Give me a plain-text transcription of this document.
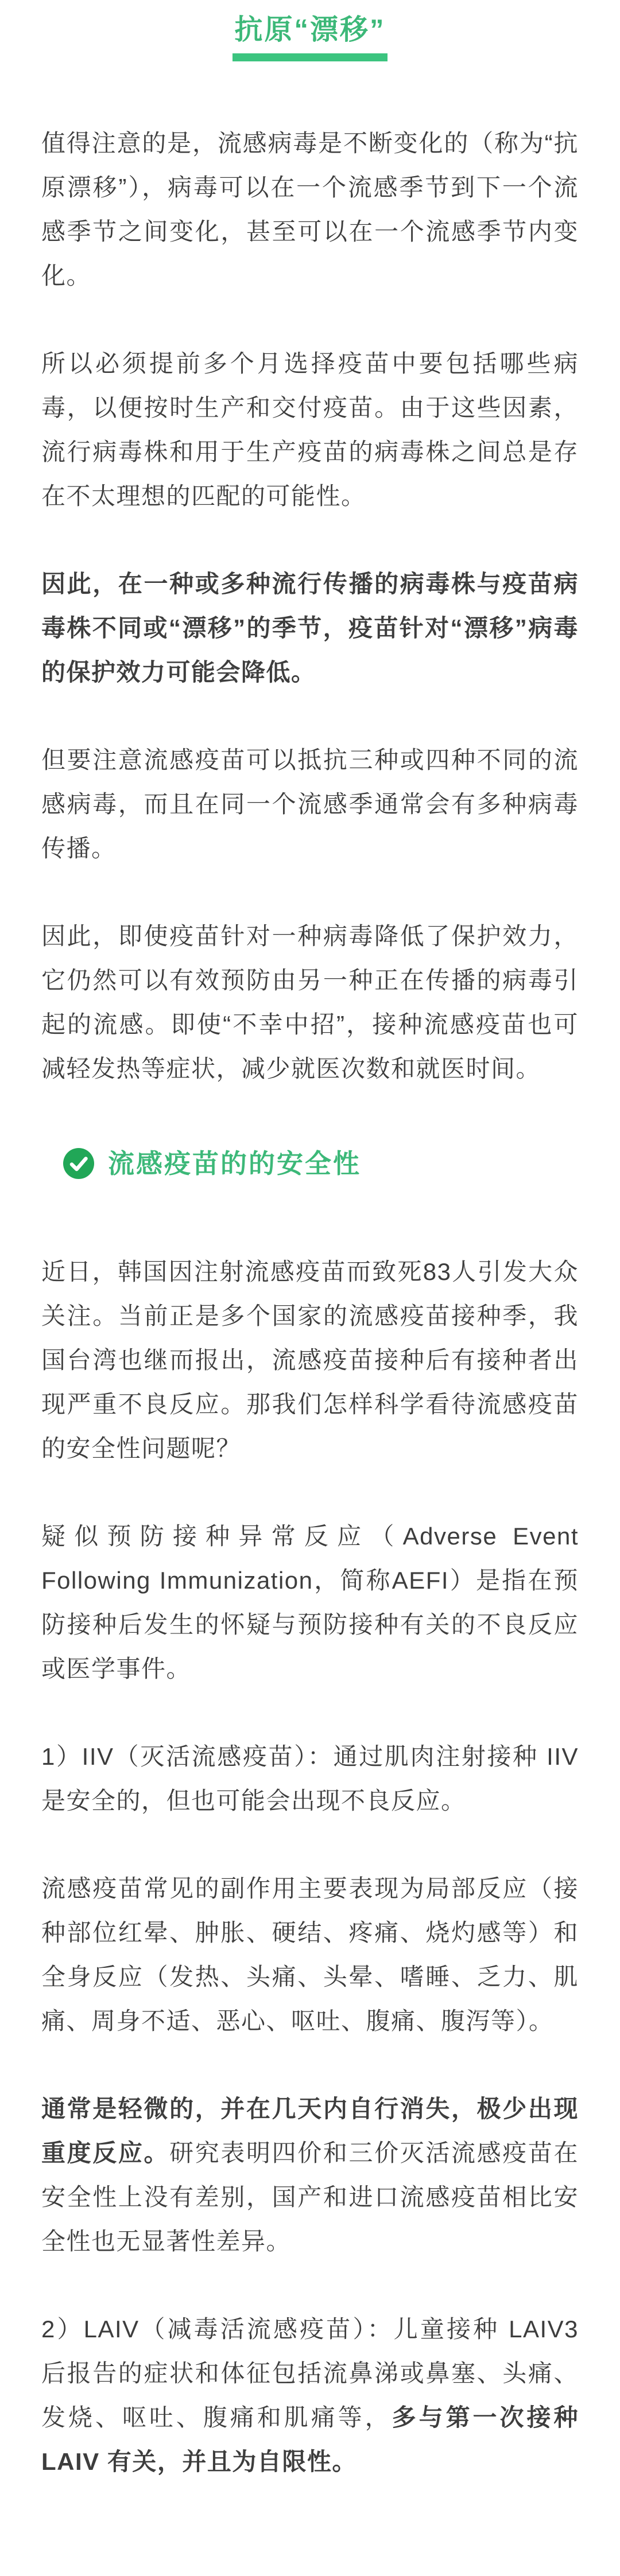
抗原“漂移”

值得注意的是，流感病毒是不断变化的（称为“抗原漂移”），病毒可以在一个流感季节到下一个流感季节之间变化，甚至可以在一个流感季节内变化。

所以必须提前多个月选择疫苗中要包括哪些病毒，以便按时生产和交付疫苗。由于这些因素，流行病毒株和用于生产疫苗的病毒株之间总是存在不太理想的匹配的可能性。

因此，在一种或多种流行传播的病毒株与疫苗病毒株不同或“漂移”的季节，疫苗针对“漂移”病毒的保护效力可能会降低。

但要注意流感疫苗可以抵抗三种或四种不同的流感病毒，而且在同一个流感季通常会有多种病毒传播。

因此，即使疫苗针对一种病毒降低了保护效力，它仍然可以有效预防由另一种正在传播的病毒引起的流感。即使“不幸中招”，接种流感疫苗也可减轻发热等症状，减少就医次数和就医时间。

流感疫苗的的安全性

近日，韩国因注射流感疫苗而致死83人引发大众关注。当前正是多个国家的流感疫苗接种季，我国台湾也继而报出，流感疫苗接种后有接种者出现严重不良反应。那我们怎样科学看待流感疫苗的安全性问题呢？

疑似预防接种异常反应（Adverse Event Following Immunization，简称AEFI）是指在预防接种后发生的怀疑与预防接种有关的不良反应或医学事件。

1）IIV（灭活流感疫苗）：通过肌肉注射接种 IIV 是安全的，但也可能会出现不良反应。

流感疫苗常见的副作用主要表现为局部反应（接种部位红晕、肿胀、硬结、疼痛、烧灼感等）和全身反应（发热、头痛、头晕、嗜睡、乏力、肌痛、周身不适、恶心、呕吐、腹痛、腹泻等）。

通常是轻微的，并在几天内自行消失，极少出现重度反应。研究表明四价和三价灭活流感疫苗在安全性上没有差别，国产和进口流感疫苗相比安全性也无显著性差异。

2）LAIV（减毒活流感疫苗）：儿童接种 LAIV3 后报告的症状和体征包括流鼻涕或鼻塞、头痛、发烧、呕吐、腹痛和肌痛等，多与第一次接种 LAIV 有关，并且为自限性。
